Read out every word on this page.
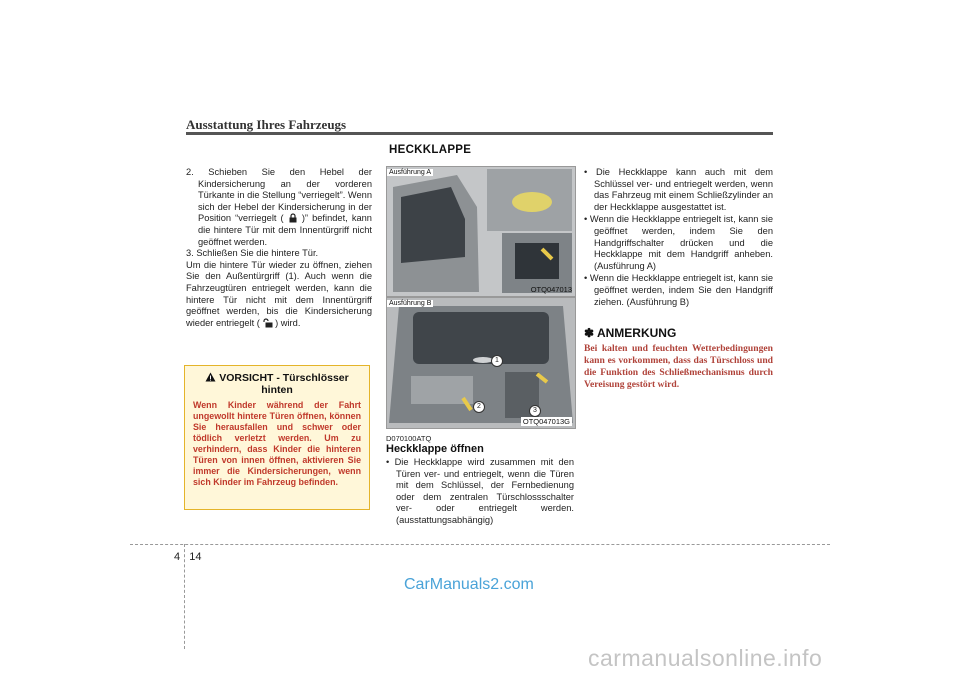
Ausstattung Ihres Fahrzeugs
HECKKLAPPE
2. Schieben Sie den Hebel der Kindersicherung an der vorderen Türkante in die Stellung “verriegelt”. Wenn sich der Hebel der Kindersicherung in der Position “verriegelt ( )” befindet, kann die hintere Tür mit dem Innentürgriff nicht geöffnet werden.
3. Schließen Sie die hintere Tür.
Um die hintere Tür wieder zu öffnen, ziehen Sie den Außentürgriff (1). Auch wenn die Fahrzeugtüren entriegelt werden, kann die hintere Tür nicht mit dem Innentürgriff geöffnet werden, bis die Kindersicherung wieder entriegelt ( ) wird.
VORSICHT - Türschlösser hinten
Wenn Kinder während der Fahrt ungewollt hintere Türen öffnen, können Sie herausfallen und schwer oder tödlich verletzt werden. Um zu verhindern, dass Kinder die hinteren Türen von innen öffnen, aktivieren Sie immer die Kindersicherungen, wenn sich Kinder im Fahrzeug befinden.
Ausführung A
OTQ047013
Ausführung B
OTQ047013G
1
2
3
D070100ATQ
Heckklappe öffnen
• Die Heckklappe wird zusammen mit den Türen ver- und entriegelt, wenn die Türen mit dem Schlüssel, der Fernbedienung oder dem zentralen Türschlossschalter ver- oder entriegelt werden. (ausstattungsabhängig)
• Die Heckklappe kann auch mit dem Schlüssel ver- und entriegelt werden, wenn das Fahrzeug mit einem Schließzylinder an der Heckklappe ausgestattet ist.
• Wenn die Heckklappe entriegelt ist, kann sie geöffnet werden, indem Sie den Handgriffschalter drücken und die Heckklappe mit dem Handgriff anheben. (Ausführung A)
• Wenn die Heckklappe entriegelt ist, kann sie geöffnet werden, indem Sie den Handgriff ziehen. (Ausführung B)
✽ ANMERKUNG
Bei kalten und feuchten Wetterbedingungen kann es vorkommen, dass das Türschloss und die Funktion des Schließmechanismus durch Vereisung gestört wird.
4 14
CarManuals2.com
carmanualsonline.info
